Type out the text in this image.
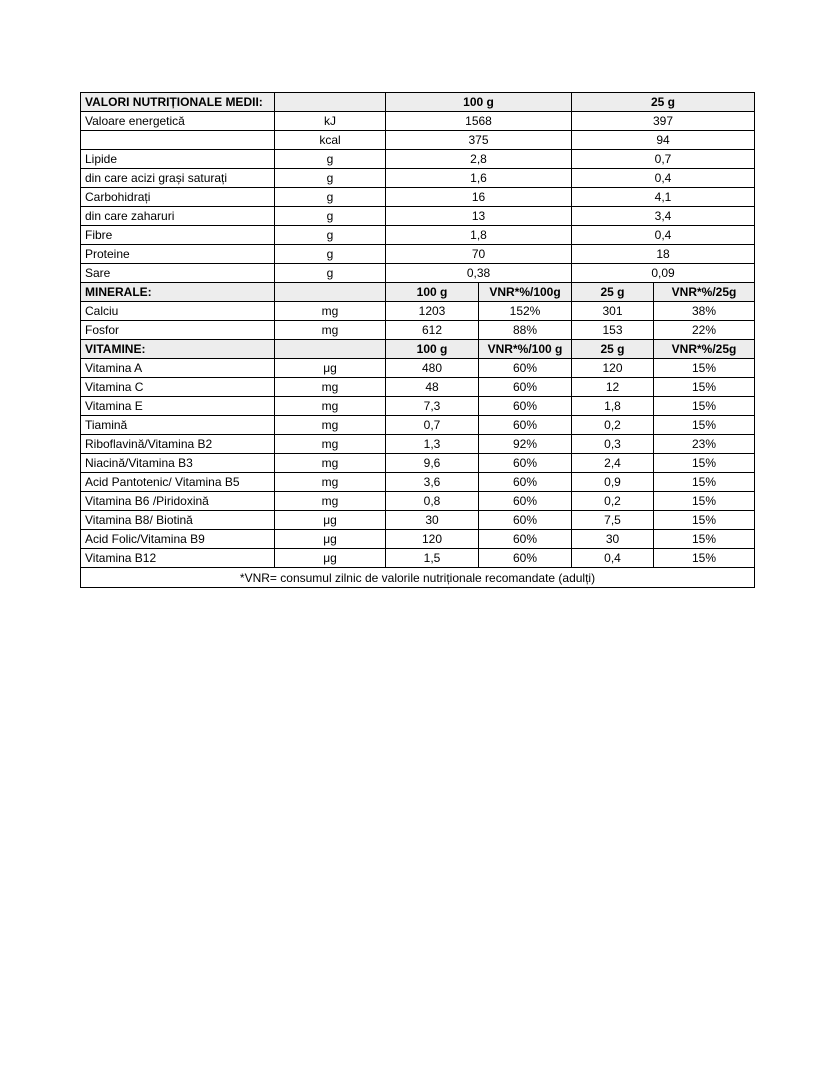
VALORI NUTRIȚIONALE MEDII:		100 g		25 g	
Valoare energetică	kJ	1568		397	
	kcal	375		94	
Lipide	g	2,8		0,7	
din care acizi grași saturați	g	1,6		0,4	
Carbohidrați	g	16		4,1	
din care zaharuri	g	13		3,4	
Fibre	g	1,8		0,4	
Proteine	g	70		18	
Sare	g	0,38		0,09	
MINERALE:		100 g	VNR*%/100g	25 g	VNR*%/25g
Calciu	mg	1203	152%	301	38%
Fosfor	mg	612	88%	153	22%
VITAMINE:		100 g	VNR*%/100 g	25 g	VNR*%/25g
Vitamina A	μg	480	60%	120	15%
Vitamina C	mg	48	60%	12	15%
Vitamina E	mg	7,3	60%	1,8	15%
Tiamină	mg	0,7	60%	0,2	15%
Riboflavină/Vitamina B2	mg	1,3	92%	0,3	23%
Niacină/Vitamina B3	mg	9,6	60%	2,4	15%
Acid Pantotenic/ Vitamina B5	mg	3,6	60%	0,9	15%
Vitamina B6 /Piridoxină	mg	0,8	60%	0,2	15%
Vitamina B8/ Biotină	μg	30	60%	7,5	15%
Acid Folic/Vitamina B9	μg	120	60%	30	15%
Vitamina B12	μg	1,5	60%	0,4	15%
*VNR= consumul zilnic de valorile nutriționale recomandate (adulți)					
